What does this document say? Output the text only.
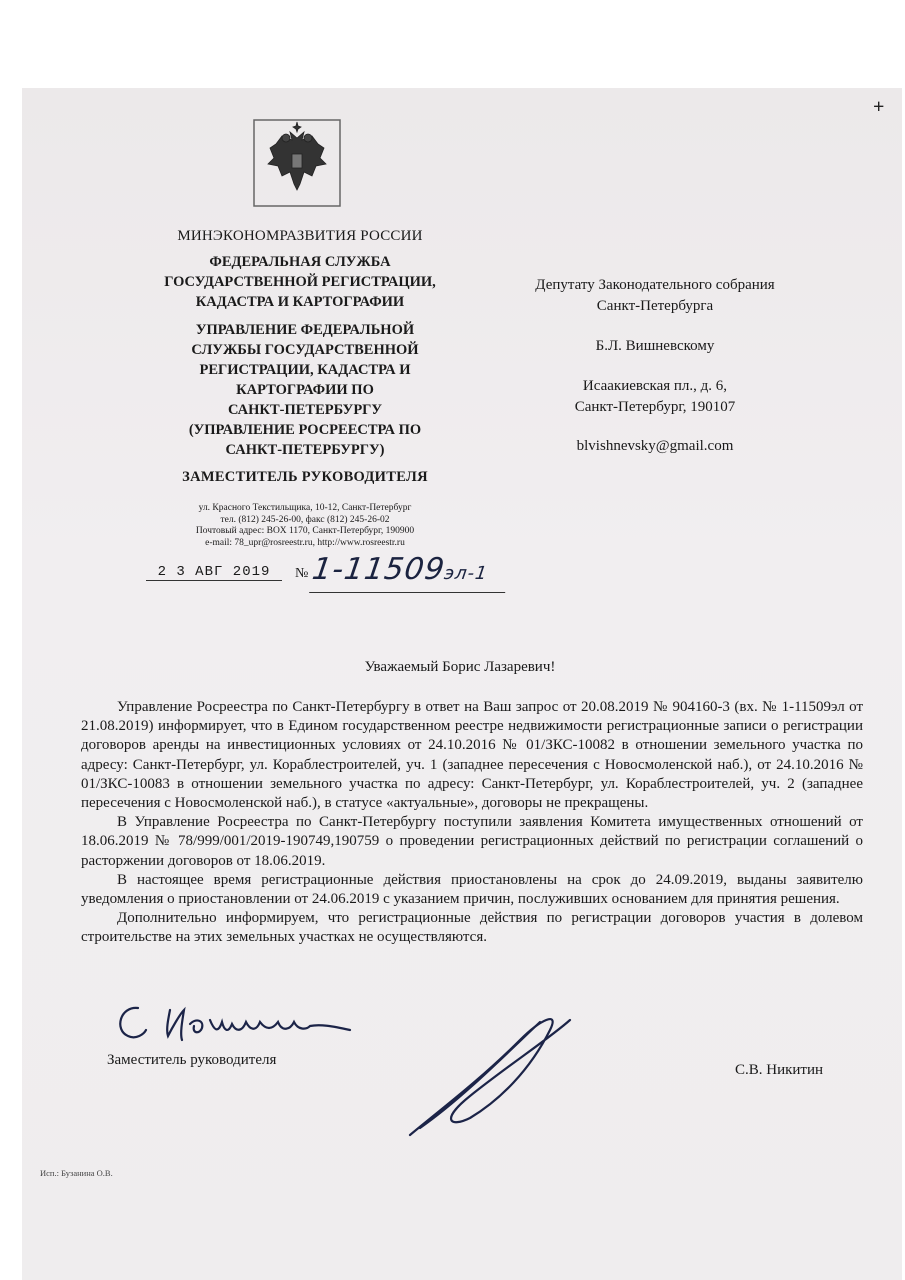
+
МИНЭКОНОМРАЗВИТИЯ РОССИИ
ФЕДЕРАЛЬНАЯ СЛУЖБА
ГОСУДАРСТВЕННОЙ РЕГИСТРАЦИИ,
КАДАСТРА И КАРТОГРАФИИ
УПРАВЛЕНИЕ ФЕДЕРАЛЬНОЙ
СЛУЖБЫ ГОСУДАРСТВЕННОЙ
РЕГИСТРАЦИИ, КАДАСТРА И
КАРТОГРАФИИ ПО
САНКТ-ПЕТЕРБУРГУ
(УПРАВЛЕНИЕ РОСРЕЕСТРА ПО
САНКТ-ПЕТЕРБУРГУ)
ЗАМЕСТИТЕЛЬ РУКОВОДИТЕЛЯ
ул. Красного Текстильщика, 10-12, Санкт-Петербург
тел. (812) 245-26-00, факс (812) 245-26-02
Почтовый адрес: BOX 1170, Санкт-Петербург, 190900
e-mail: 78_upr@rosreestr.ru, http://www.rosreestr.ru
2 3 АВГ 2019	№ 1-11509эл-1
Депутату Законодательного собрания
Санкт-Петербурга
Б.Л. Вишневскому
Исаакиевская пл., д. 6,
Санкт-Петербург, 190107
blvishnevsky@gmail.com
Уважаемый Борис Лазаревич!

Управление Росреестра по Санкт-Петербургу в ответ на Ваш запрос от 20.08.2019 № 904160-3 (вх. № 1-11509эл от 21.08.2019) информирует, что в Едином государственном реестре недвижимости регистрационные записи о регистрации договоров аренды на инвестиционных условиях от 24.10.2016 № 01/ЗКС-10082 в отношении земельного участка по адресу: Санкт-Петербург, ул. Кораблестроителей, уч. 1 (западнее пересечения с Новосмоленской наб.), от 24.10.2016 № 01/ЗКС-10083 в отношении земельного участка по адресу: Санкт-Петербург, ул. Кораблестроителей, уч. 2 (западнее пересечения с Новосмоленской наб.), в статусе «актуальные», договоры не прекращены.

В Управление Росреестра по Санкт-Петербургу поступили заявления Комитета имущественных отношений от 18.06.2019 № 78/999/001/2019-190749,190759 о проведении регистрационных действий по регистрации соглашений о расторжении договоров от 18.06.2019.

В настоящее время регистрационные действия приостановлены на срок до 24.09.2019, выданы заявителю уведомления о приостановлении от 24.06.2019 с указанием причин, послуживших основанием для принятия решения.

Дополнительно информируем, что регистрационные действия по регистрации договоров участия в долевом строительстве на этих земельных участках не осуществляются.

Заместитель руководителя
С.В. Никитин
Исп.: Бузанина О.В.
